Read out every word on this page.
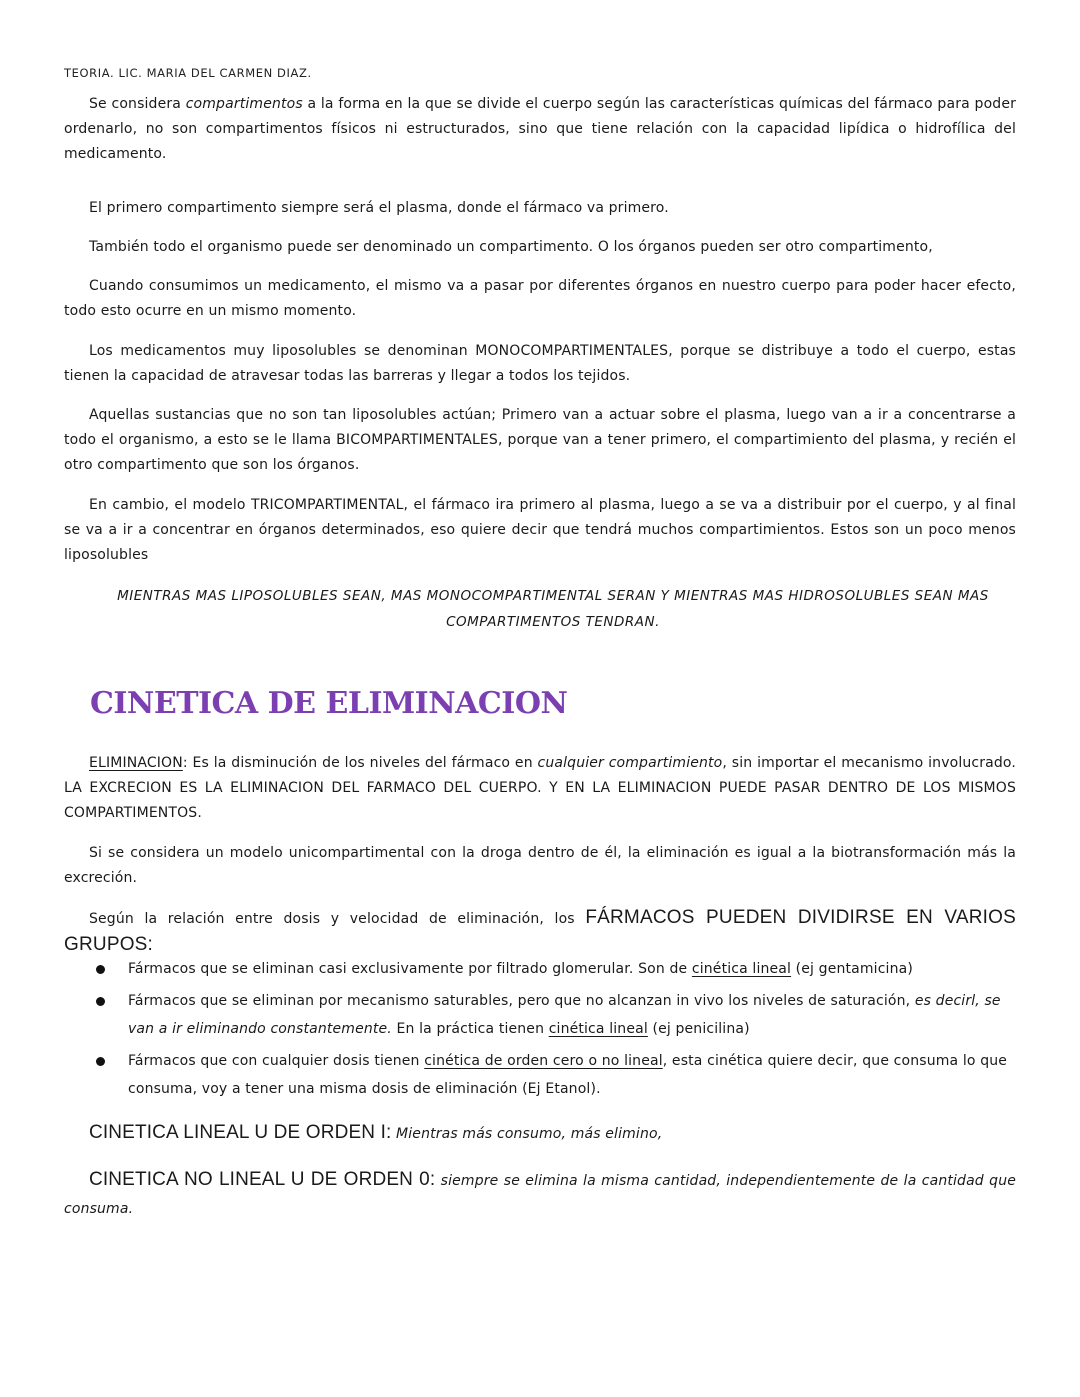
TEORIA. LIC. MARIA DEL CARMEN DIAZ.

Se considera compartimentos a la forma en la que se divide el cuerpo según las características químicas del fármaco para poder ordenarlo, no son compartimentos físicos ni estructurados, sino que tiene relación con la capacidad lipídica o hidrofílica del medicamento.

El primero compartimento siempre será el plasma, donde el fármaco va primero.

También todo el organismo puede ser denominado un compartimento. O los órganos pueden ser otro compartimento,

Cuando consumimos un medicamento, el mismo va a pasar por diferentes órganos en nuestro cuerpo para poder hacer efecto, todo esto ocurre en un mismo momento.

Los medicamentos muy liposolubles se denominan MONOCOMPARTIMENTALES, porque se distribuye a todo el cuerpo, estas tienen la capacidad de atravesar todas las barreras y llegar a todos los tejidos.

Aquellas sustancias que no son tan liposolubles actúan; Primero van a actuar sobre el plasma, luego van a ir a concentrarse a todo el organismo, a esto se le llama BICOMPARTIMENTALES, porque van a tener primero, el compartimiento del plasma, y recién el otro compartimento que son los órganos.

En cambio, el modelo TRICOMPARTIMENTAL, el fármaco ira primero al plasma, luego a se va a distribuir por el cuerpo, y al final se va a ir a concentrar en órganos determinados, eso quiere decir que tendrá muchos compartimientos. Estos son un poco menos liposolubles

MIENTRAS MAS LIPOSOLUBLES SEAN, MAS MONOCOMPARTIMENTAL SERAN Y MIENTRAS MAS HIDROSOLUBLES SEAN MAS COMPARTIMENTOS TENDRAN.
CINETICA DE ELIMINACION

ELIMINACION: Es la disminución de los niveles del fármaco en cualquier compartimiento, sin importar el mecanismo involucrado. LA EXCRECION ES LA ELIMINACION DEL FARMACO DEL CUERPO. Y EN LA ELIMINACION PUEDE PASAR DENTRO DE LOS MISMOS COMPARTIMENTOS.

Si se considera un modelo unicompartimental con la droga dentro de él, la eliminación es igual a la biotransformación más la excreción.

Según la relación entre dosis y velocidad de eliminación, los FÁRMACOS PUEDEN DIVIDIRSE EN VARIOS GRUPOS:

Fármacos que se eliminan casi exclusivamente por filtrado glomerular. Son de cinética lineal (ej gentamicina)
Fármacos que se eliminan por mecanismo saturables, pero que no alcanzan in vivo los niveles de saturación, es decirl, se van a ir eliminando constantemente. En la práctica tienen cinética lineal (ej penicilina)
Fármacos que con cualquier dosis tienen cinética de orden cero o no lineal, esta cinética quiere decir, que consuma lo que consuma, voy a tener una misma dosis de eliminación (Ej Etanol).

CINETICA LINEAL U DE ORDEN I: Mientras más consumo, más elimino,

CINETICA NO LINEAL U DE ORDEN 0: siempre se elimina la misma cantidad, independientemente de la cantidad que consuma.
